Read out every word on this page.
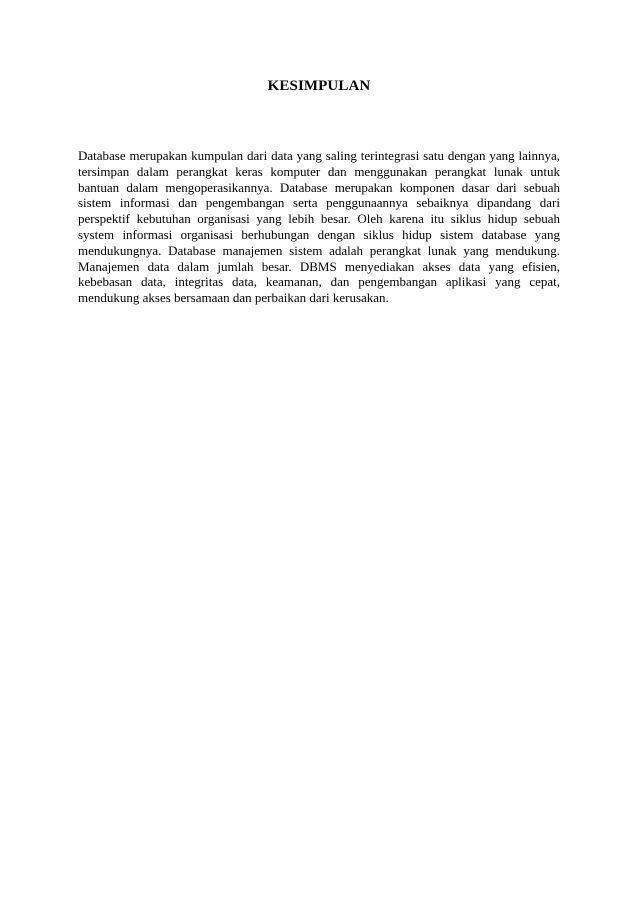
KESIMPULAN

Database merupakan kumpulan dari data yang saling terintegrasi satu dengan yang lainnya, tersimpan dalam perangkat keras komputer dan menggunakan perangkat lunak untuk bantuan dalam mengoperasikannya. Database merupakan komponen dasar dari sebuah sistem informasi dan pengembangan serta penggunaannya sebaiknya dipandang dari perspektif kebutuhan organisasi yang lebih besar. Oleh karena itu siklus hidup sebuah system informasi organisasi berhubungan dengan siklus hidup sistem database yang mendukungnya. Database manajemen sistem adalah perangkat lunak yang mendukung. Manajemen data dalam jumlah besar. DBMS menyediakan akses data yang efisien, kebebasan data, integritas data, keamanan, dan pengembangan aplikasi yang cepat, mendukung akses bersamaan dan perbaikan dari kerusakan.
